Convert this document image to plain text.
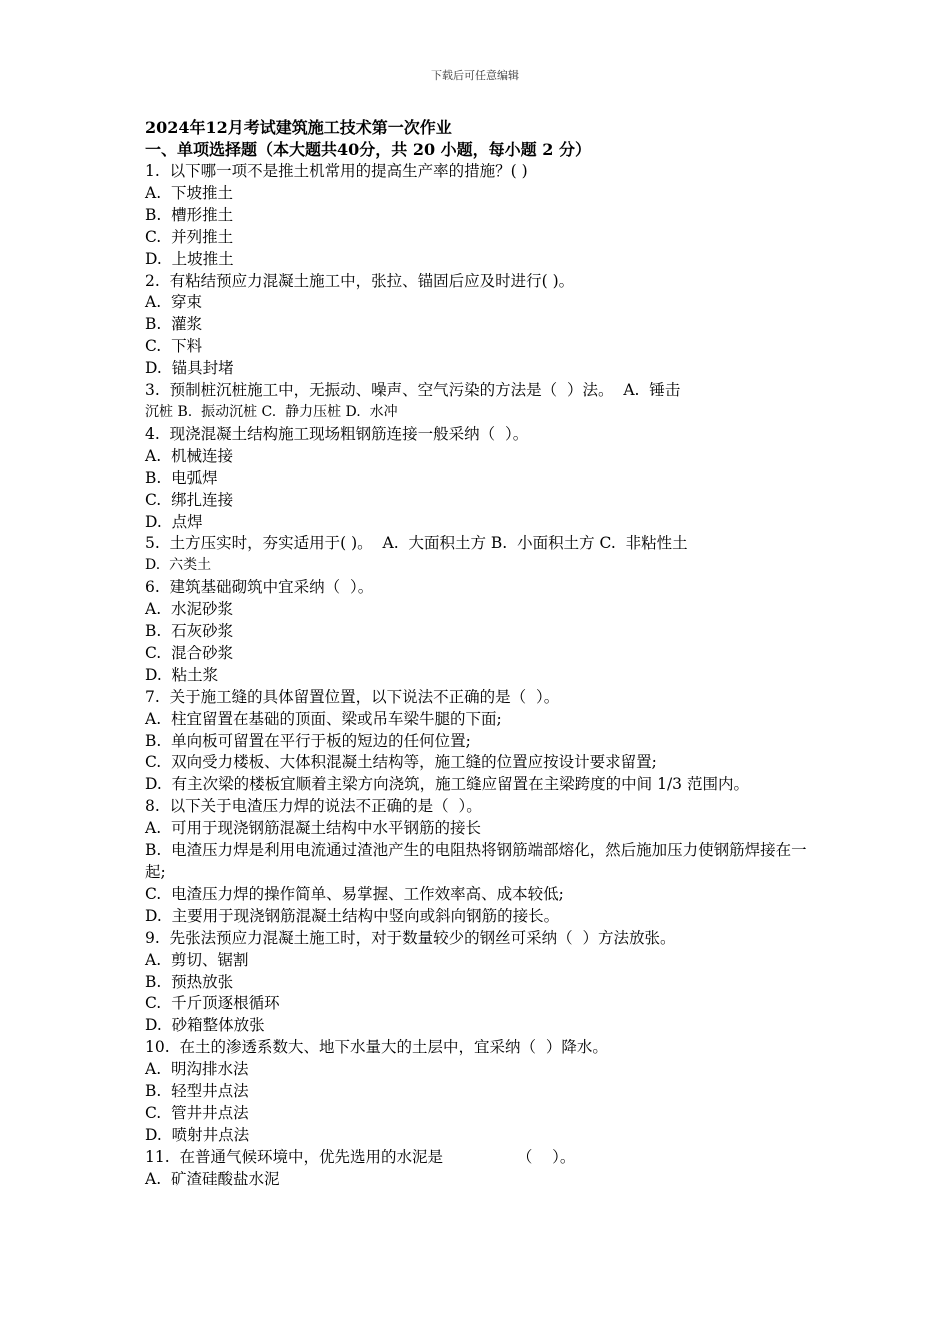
下载后可任意编辑
2024年12月考试建筑施工技术第一次作业
一、单项选择题（本大题共40分，共 20 小题，每小题 2 分）
1.  以下哪一项不是推土机常用的提高生产率的措施？( )
A.  下坡推土
B.  槽形推土
C.  并列推土
D.  上坡推土
2.  有粘结预应力混凝土施工中，张拉、锚固后应及时进行( )。
A.  穿束
B.  灌浆
C.  下料
D.  锚具封堵
3.  预制桩沉桩施工中，无振动、噪声、空气污染的方法是（  ）法。  A.  锤击
沉桩 B.  振动沉桩 C.  静力压桩 D.  水冲
4.  现浇混凝土结构施工现场粗钢筋连接一般采纳（  ）。
A.  机械连接
B.  电弧焊
C.  绑扎连接
D.  点焊
5.  土方压实时，夯实适用于( )。  A.  大面积土方 B.  小面积土方 C.  非粘性土
D.  六类土
6.  建筑基础砌筑中宜采纳（  ）。
A.  水泥砂浆
B.  石灰砂浆
C.  混合砂浆
D.  粘土浆
7.  关于施工缝的具体留置位置，以下说法不正确的是（  ）。
A.  柱宜留置在基础的顶面、梁或吊车梁牛腿的下面;
B.  单向板可留置在平行于板的短边的任何位置;
C.  双向受力楼板、大体积混凝土结构等，施工缝的位置应按设计要求留置;
D.  有主次梁的楼板宜顺着主梁方向浇筑，施工缝应留置在主梁跨度的中间 1/3 范围内。
8.  以下关于电渣压力焊的说法不正确的是（  ）。
A.  可用于现浇钢筋混凝土结构中水平钢筋的接长
B.  电渣压力焊是利用电流通过渣池产生的电阻热将钢筋端部熔化，然后施加压力使钢筋焊接在一起;
C.  电渣压力焊的操作简单、易掌握、工作效率高、成本较低;
D.  主要用于现浇钢筋混凝土结构中竖向或斜向钢筋的接长。
9.  先张法预应力混凝土施工时，对于数量较少的钢丝可采纳（  ）方法放张。
A.  剪切、锯割
B.  预热放张
C.  千斤顶逐根循环
D.  砂箱整体放张
10.  在土的渗透系数大、地下水量大的土层中，宜采纳（  ）降水。
A.  明沟排水法
B.  轻型井点法
C.  管井井点法
D.  喷射井点法
11.  在普通气候环境中，优先选用的水泥是               （    ）。
A.  矿渣硅酸盐水泥
